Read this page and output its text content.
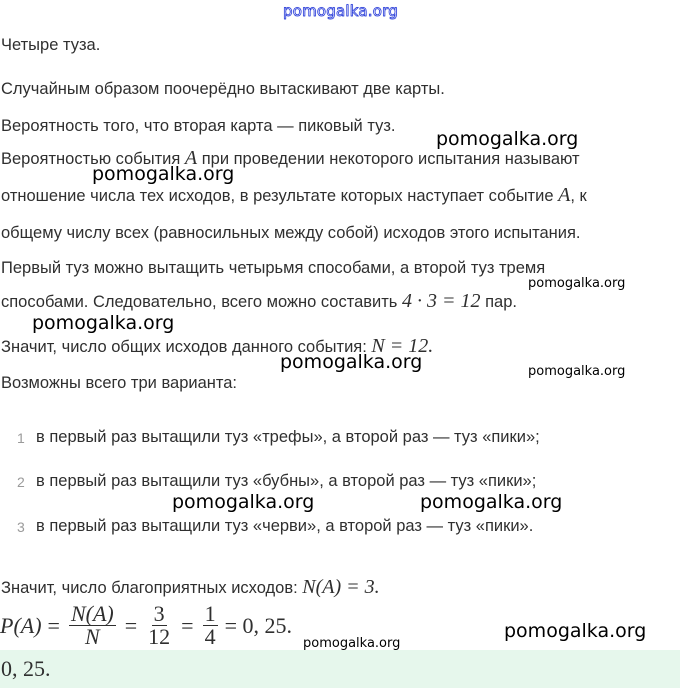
pomogalka.org
Четыре туза.
Случайным образом поочерёдно вытаскивают две карты.
Вероятность того, что вторая карта — пиковый туз.
Вероятностью события A при проведении некоторого испытания называют
отношение числа тех исходов, в результате которых наступает событие A, к
общему числу всех (равносильных между собой) исходов этого испытания.
Первый туз можно вытащить четырьмя способами, а второй туз тремя
способами. Следовательно, всего можно составить 4 · 3 = 12 пар.
Значит, число общих исходов данного события: N = 12.
Возможны всего три варианта:
1 в первый раз вытащили туз «трефы», а второй раз — туз «пики»;
2 в первый раз вытащили туз «бубны», а второй раз — туз «пики»;
3 в первый раз вытащили туз «черви», а второй раз — туз «пики».
Значит, число благоприятных исходов: N(A) = 3.
$P(A) = \frac{N(A)}{N} = \frac{3}{12} = \frac{1}{4} = 0$, 25.
0, 25.
pomogalka.org
pomogalka.org
pomogalka.org
pomogalka.org
pomogalka.org	pomogalka.org
pomogalka.org	pomogalka.org
pomogalka.org
pomogalka.org
